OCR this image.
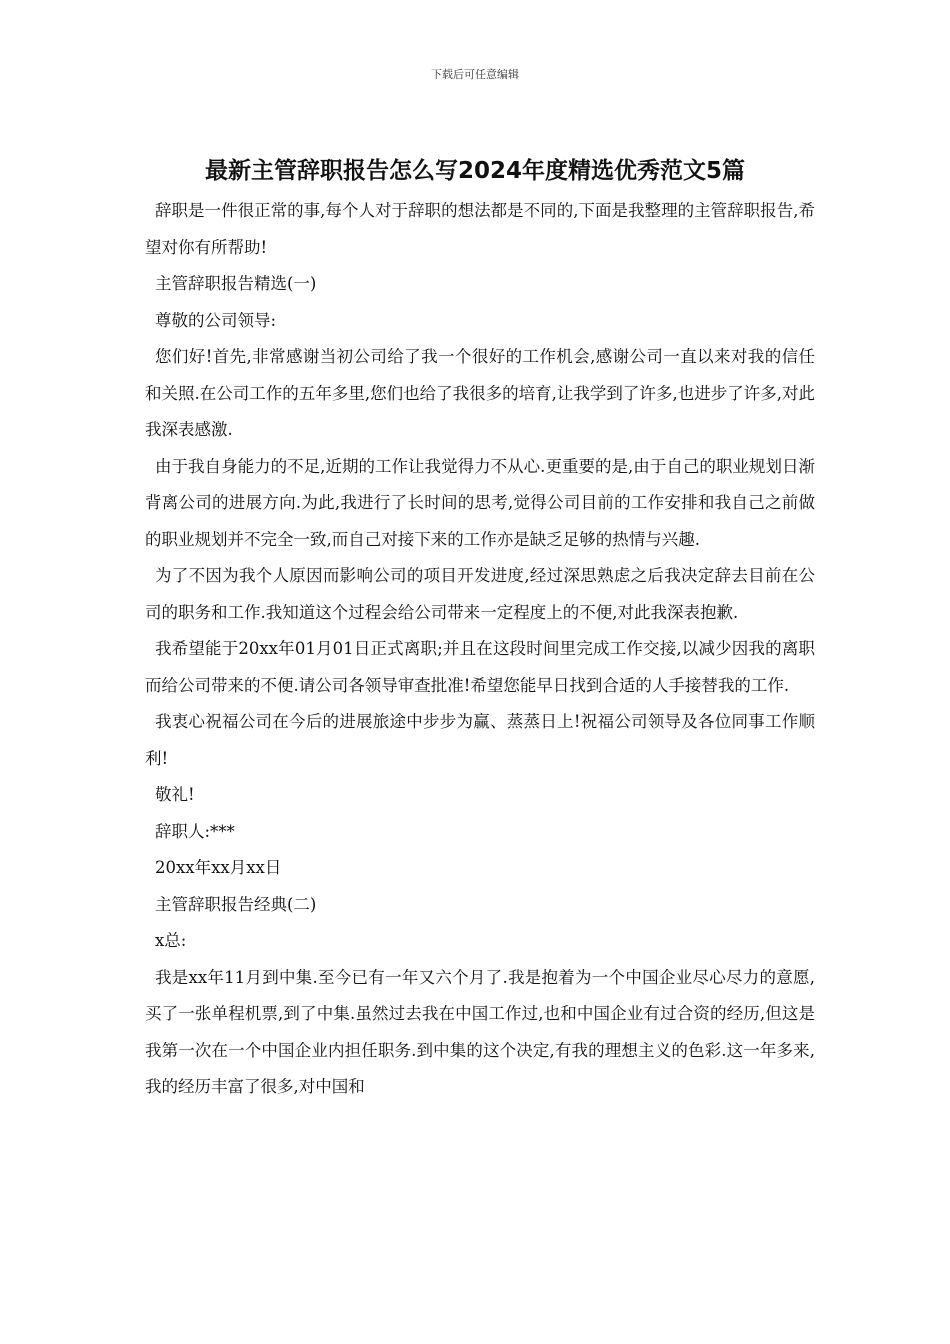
下载后可任意编辑
最新主管辞职报告怎么写2024年度精选优秀范文5篇

辞职是一件很正常的事,每个人对于辞职的想法都是不同的,下面是我整理的主管辞职报告,希望对你有所帮助!

主管辞职报告精选(一)

尊敬的公司领导:

您们好!首先,非常感谢当初公司给了我一个很好的工作机会,感谢公司一直以来对我的信任和关照.在公司工作的五年多里,您们也给了我很多的培育,让我学到了许多,也进步了许多,对此我深表感激.

由于我自身能力的不足,近期的工作让我觉得力不从心.更重要的是,由于自己的职业规划日渐背离公司的进展方向.为此,我进行了长时间的思考,觉得公司目前的工作安排和我自己之前做的职业规划并不完全一致,而自己对接下来的工作亦是缺乏足够的热情与兴趣.

为了不因为我个人原因而影响公司的项目开发进度,经过深思熟虑之后我决定辞去目前在公司的职务和工作.我知道这个过程会给公司带来一定程度上的不便,对此我深表抱歉.

我希望能于20xx年01月01日正式离职;并且在这段时间里完成工作交接,以减少因我的离职而给公司带来的不便.请公司各领导审查批准!希望您能早日找到合适的人手接替我的工作.

我衷心祝福公司在今后的进展旅途中步步为赢、蒸蒸日上!祝福公司领导及各位同事工作顺利!

敬礼!

辞职人:***

20xx年xx月xx日

主管辞职报告经典(二)

x总:

我是xx年11月到中集.至今已有一年又六个月了.我是抱着为一个中国企业尽心尽力的意愿,买了一张单程机票,到了中集.虽然过去我在中国工作过,也和中国企业有过合资的经历,但这是我第一次在一个中国企业内担任职务.到中集的这个决定,有我的理想主义的色彩.这一年多来,我的经历丰富了很多,对中国和
